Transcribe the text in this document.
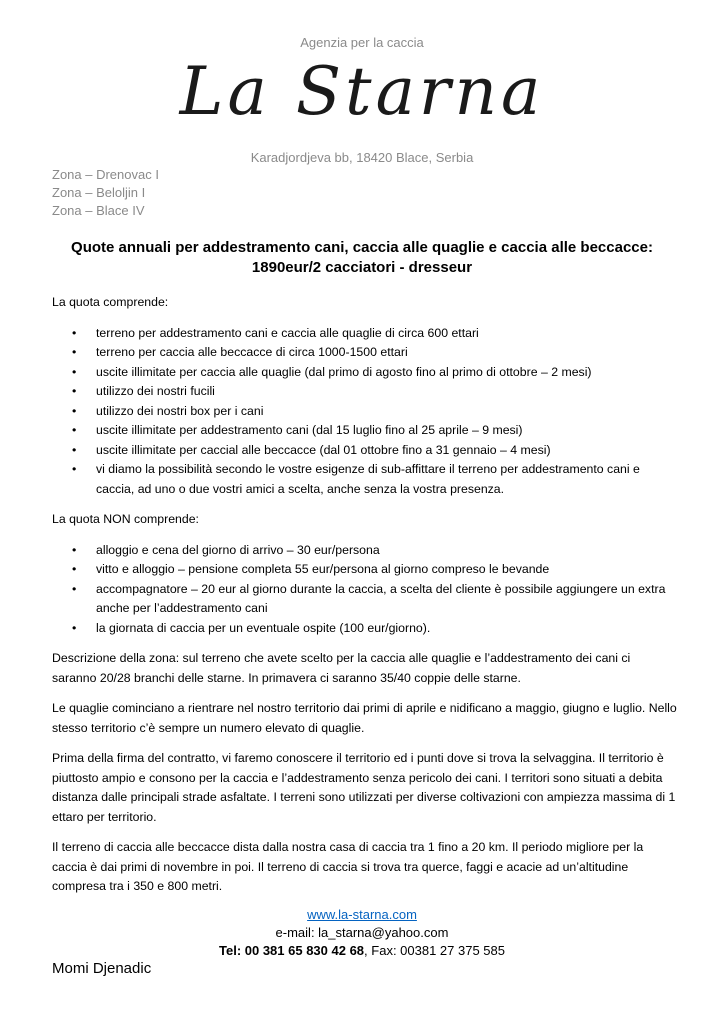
Agenzia per la caccia
La Starna
Karadjordjeva bb, 18420 Blace, Serbia
Zona – Drenovac I
Zona – Beloljin I
Zona – Blace IV
Quote annuali per addestramento cani, caccia alle quaglie e caccia alle beccacce:
1890eur/2 cacciatori - dresseur

La quota comprende:

• terreno per addestramento cani e caccia alle quaglie di circa 600 ettari
• terreno per caccia alle beccacce di circa 1000-1500 ettari
• uscite illimitate per caccia alle quaglie (dal primo di agosto fino al primo di ottobre – 2 mesi)
• utilizzo dei nostri fucili
• utilizzo dei nostri box per i cani
• uscite illimitate per addestramento cani (dal 15 luglio fino al 25 aprile – 9 mesi)
• uscite illimitate per caccial alle beccacce (dal 01 ottobre fino a 31 gennaio – 4 mesi)
• vi diamo la possibilità secondo le vostre esigenze di sub-affittare il terreno per addestramento cani e caccia, ad uno o due vostri amici a scelta, anche senza la vostra presenza.

La quota NON comprende:

• alloggio e cena del giorno di arrivo – 30 eur/persona
• vitto e alloggio – pensione completa 55 eur/persona al giorno compreso le bevande
• accompagnatore – 20 eur al giorno durante la caccia, a scelta del cliente è possibile aggiungere un extra anche per l’addestramento cani
• la giornata di caccia per un eventuale ospite (100 eur/giorno).

Descrizione della zona: sul terreno che avete scelto per la caccia alle quaglie e l’addestramento dei cani ci saranno 20/28 branchi delle starne. In primavera ci saranno 35/40 coppie delle starne.

Le quaglie cominciano a rientrare nel nostro territorio dai primi di aprile e nidificano a maggio, giugno e luglio. Nello stesso territorio c’è sempre un numero elevato di quaglie.

Prima della firma del contratto, vi faremo conoscere il territorio ed i punti dove si trova la selvaggina. Il territorio è piuttosto ampio e consono per la caccia e l’addestramento senza pericolo dei cani. I territori sono situati a debita distanza dalle principali strade asfaltate. I terreni sono utilizzati per diverse coltivazioni con ampiezza massima di 1 ettaro per territorio.

Il terreno di caccia alle beccacce dista dalla nostra casa di caccia tra 1 fino a 20 km. Il periodo migliore per la caccia è dai primi di novembre in poi. Il terreno di caccia si trova tra querce, faggi e acacie ad un’altitudine compresa tra i 350 e 800 metri.

www.la-starna.com
e-mail: la_starna@yahoo.com
Tel: 00 381 65 830 42 68, Fax: 00381 27 375 585
Momi Djenadic
